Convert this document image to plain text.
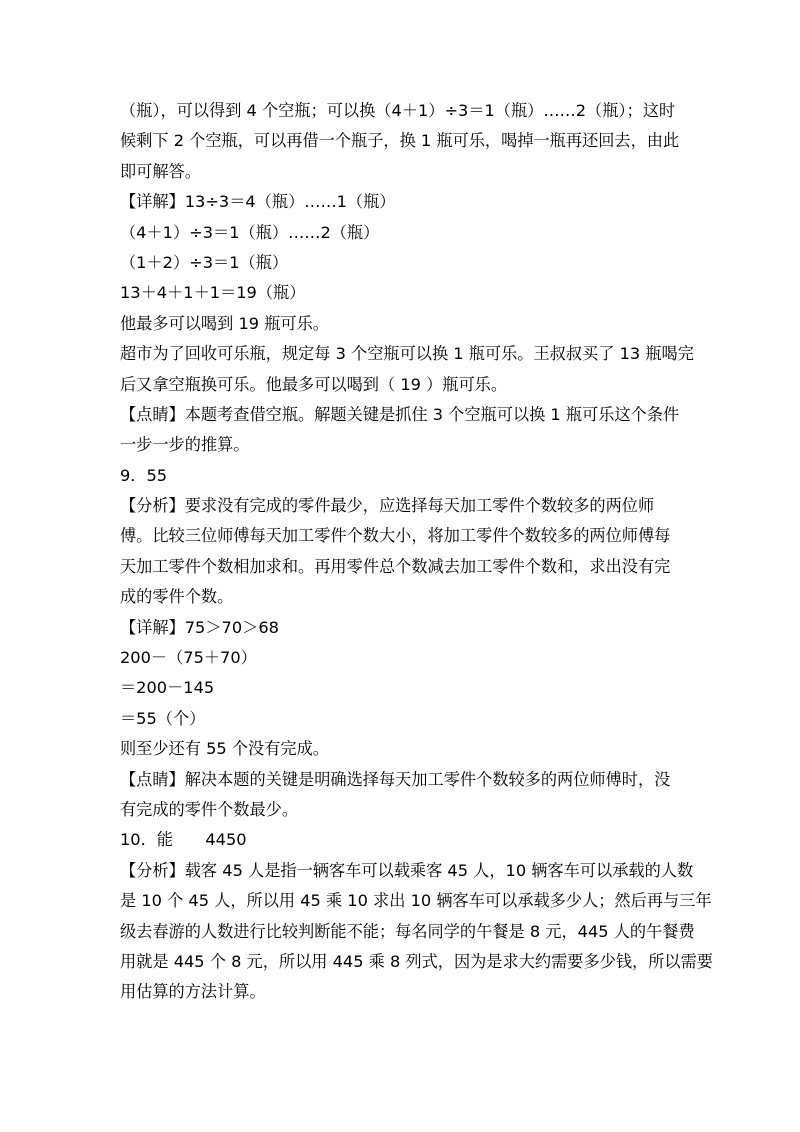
（瓶），可以得到 4 个空瓶；可以换（4＋1）÷3＝1（瓶）……2（瓶）；这时
候剩下 2 个空瓶，可以再借一个瓶子，换 1 瓶可乐，喝掉一瓶再还回去，由此
即可解答。
【详解】13÷3＝4（瓶）……1（瓶）
（4＋1）÷3＝1（瓶）……2（瓶）
（1＋2）÷3＝1（瓶）
13＋4＋1＋1＝19（瓶）
他最多可以喝到 19 瓶可乐。
超市为了回收可乐瓶，规定每 3 个空瓶可以换 1 瓶可乐。王叔叔买了 13 瓶喝完
后又拿空瓶换可乐。他最多可以喝到（ 19 ）瓶可乐。
【点睛】本题考查借空瓶。解题关键是抓住 3 个空瓶可以换 1 瓶可乐这个条件
一步一步的推算。
9．55
【分析】要求没有完成的零件最少，应选择每天加工零件个数较多的两位师
傅。比较三位师傅每天加工零件个数大小，将加工零件个数较多的两位师傅每
天加工零件个数相加求和。再用零件总个数减去加工零件个数和，求出没有完
成的零件个数。
【详解】75＞70＞68
200－（75＋70）
＝200－145
＝55（个）
则至少还有 55 个没有完成。
【点睛】解决本题的关键是明确选择每天加工零件个数较多的两位师傅时，没
有完成的零件个数最少。
10．能　　4450
【分析】载客 45 人是指一辆客车可以载乘客 45 人，10 辆客车可以承载的人数
是 10 个 45 人，所以用 45 乘 10 求出 10 辆客车可以承载多少人；然后再与三年
级去春游的人数进行比较判断能不能；每名同学的午餐是 8 元，445 人的午餐费
用就是 445 个 8 元，所以用 445 乘 8 列式，因为是求大约需要多少钱，所以需要
用估算的方法计算。
